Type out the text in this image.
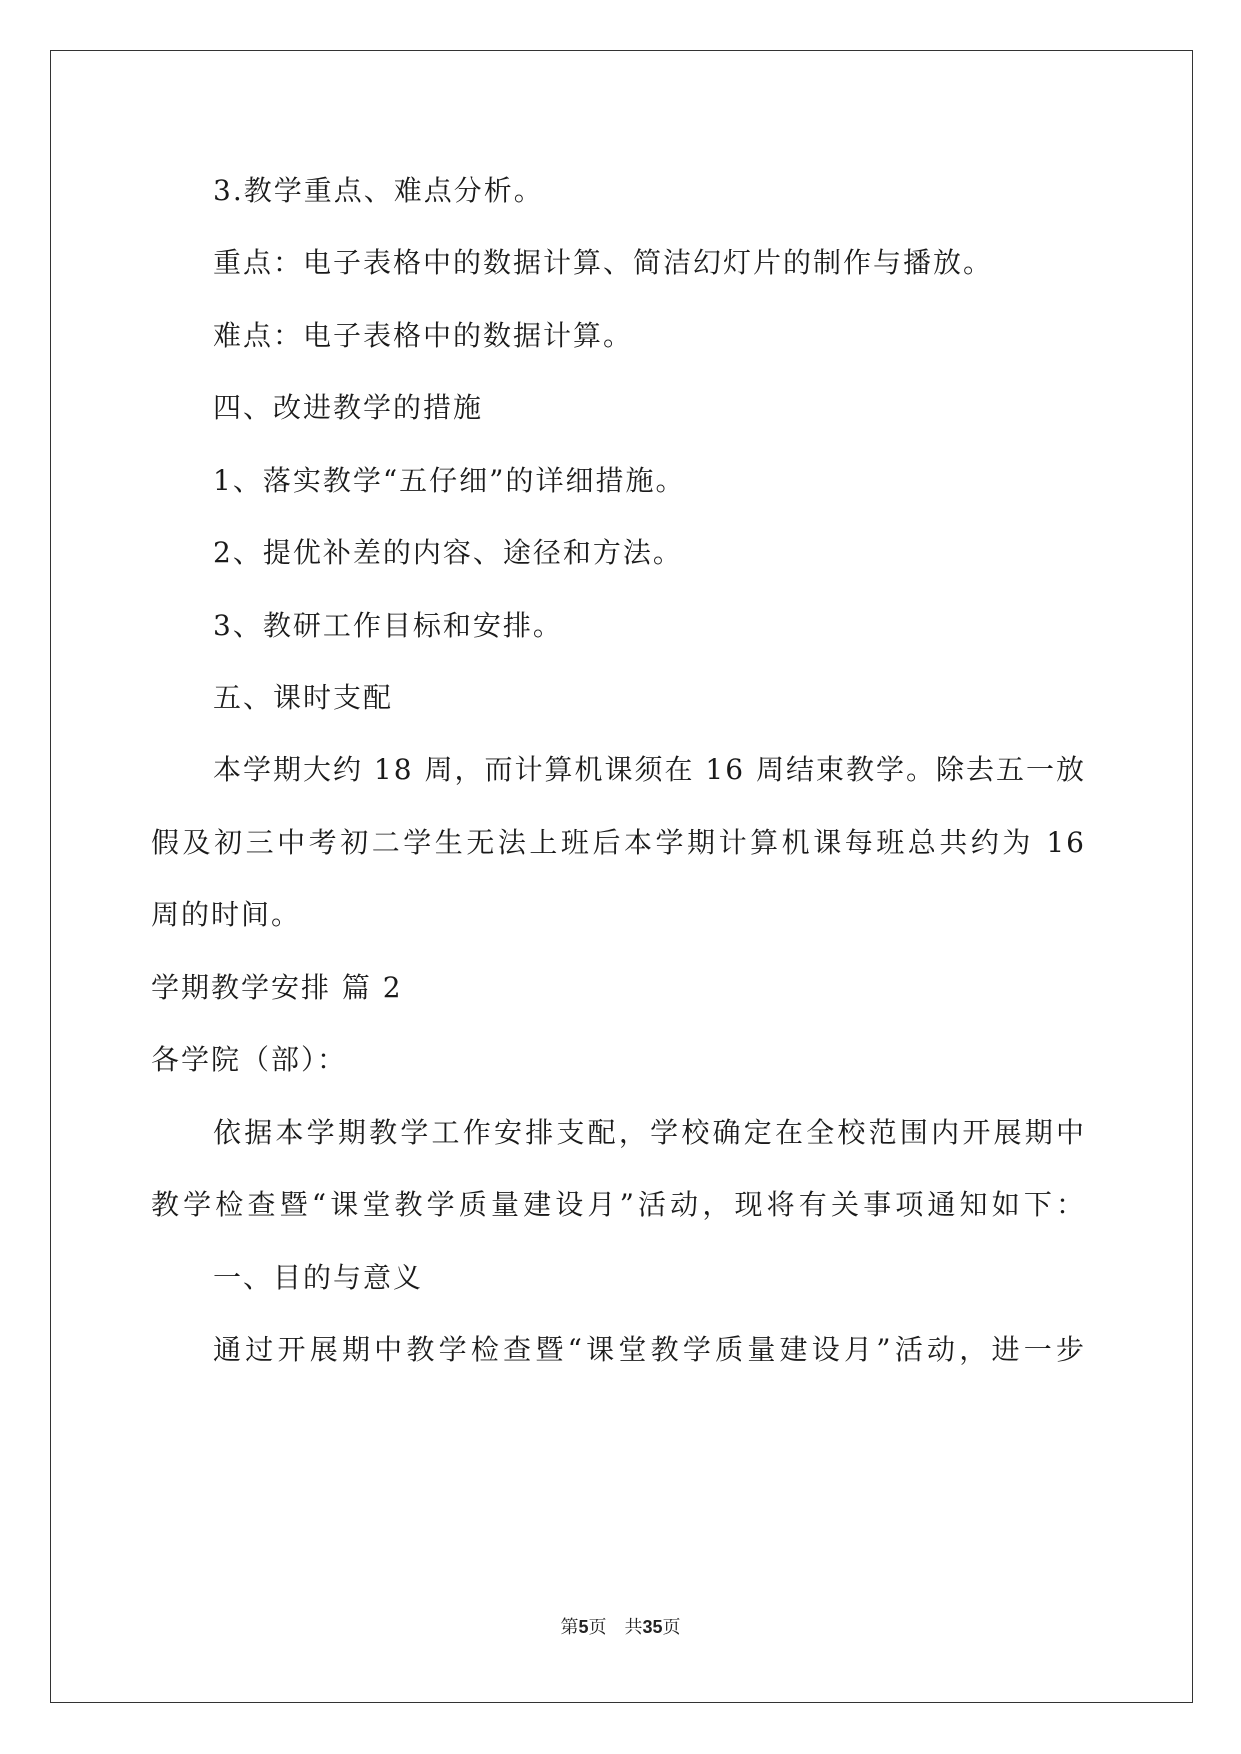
3.教学重点、难点分析。
重点：电子表格中的数据计算、简洁幻灯片的制作与播放。
难点：电子表格中的数据计算。
四、改进教学的措施
1、落实教学“五仔细”的详细措施。
2、提优补差的内容、途径和方法。
3、教研工作目标和安排。
五、课时支配
本学期大约 18 周，而计算机课须在 16 周结束教学。除去五一放
假及初三中考初二学生无法上班后本学期计算机课每班总共约为 16
周的时间。
学期教学安排 篇 2
各学院（部）：
依据本学期教学工作安排支配，学校确定在全校范围内开展期中
教学检查暨“课堂教学质量建设月”活动，现将有关事项通知如下：
一、目的与意义
通过开展期中教学检查暨“课堂教学质量建设月”活动，进一步
第5页　共35页
